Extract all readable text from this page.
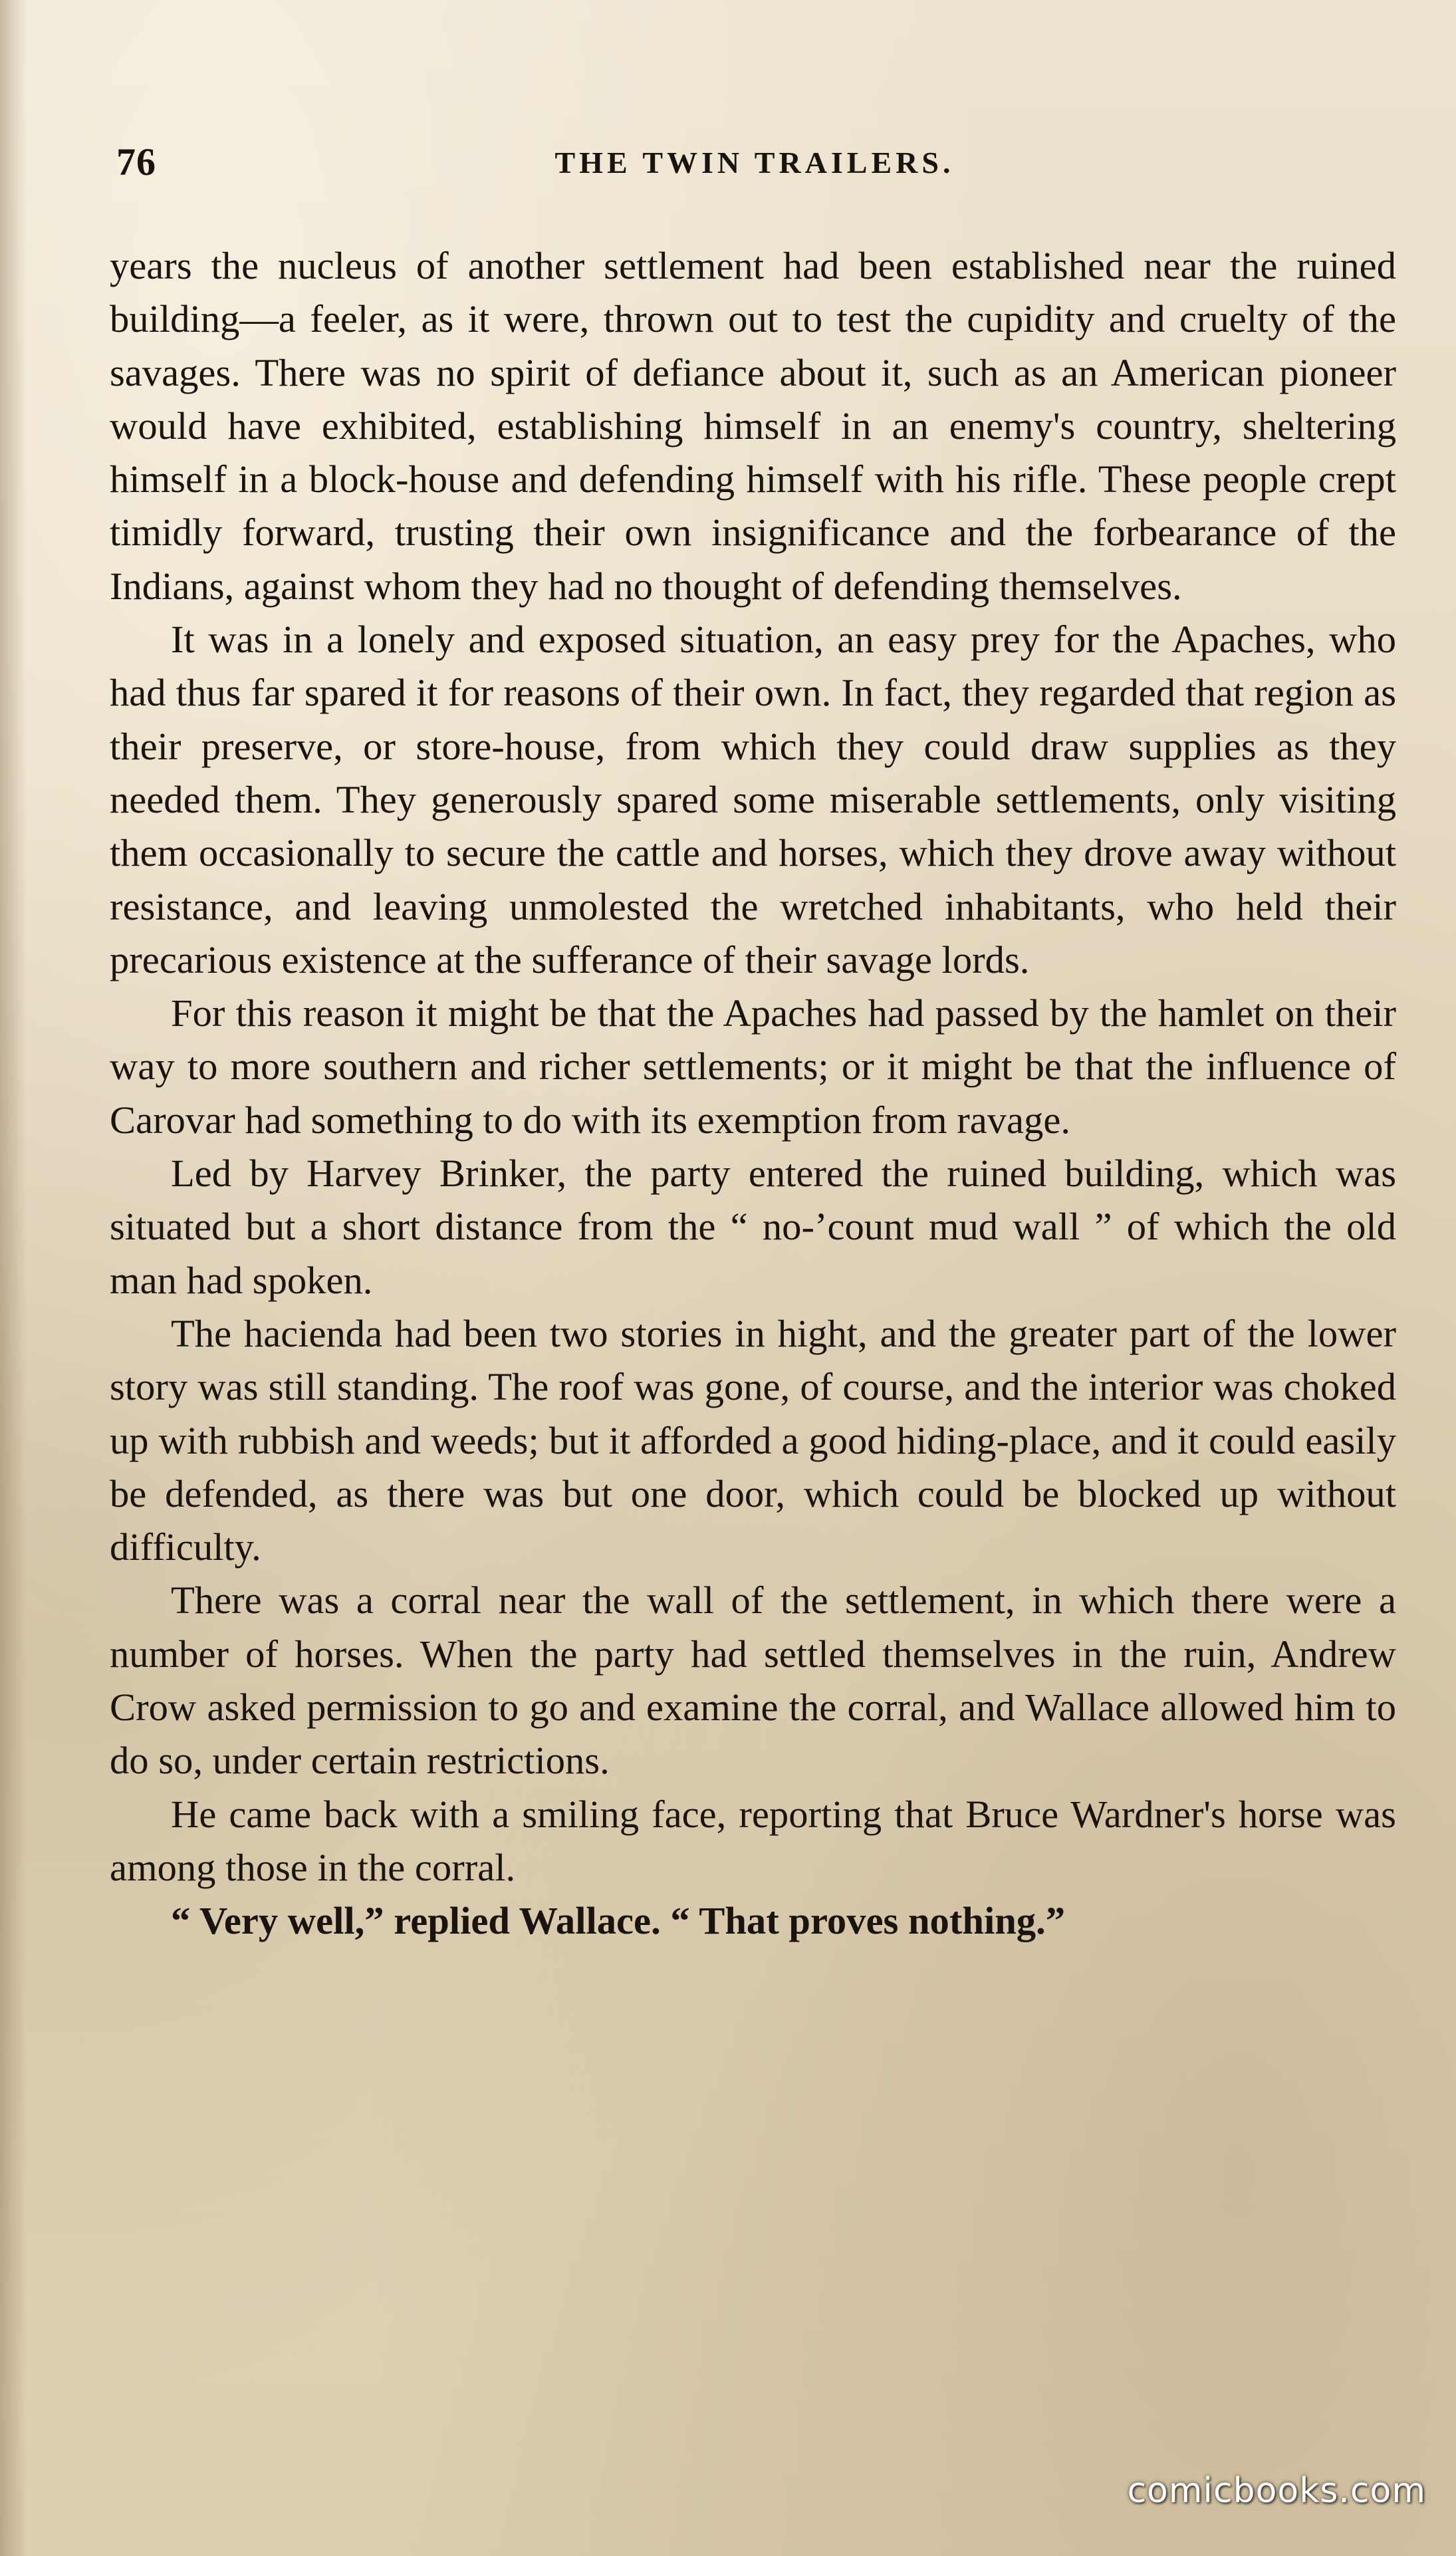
76	THE TWIN TRAILERS.

years the nucleus of another settlement had been established near the ruined building—a feeler, as it were, thrown out to test the cupidity and cruelty of the savages. There was no spirit of defiance about it, such as an American pioneer would have exhibited, establishing himself in an enemy's country, sheltering himself in a block-house and defending himself with his rifle. These people crept timidly forward, trusting their own insignificance and the forbearance of the Indians, against whom they had no thought of defending themselves.

It was in a lonely and exposed situation, an easy prey for the Apaches, who had thus far spared it for reasons of their own. In fact, they regarded that region as their preserve, or store-house, from which they could draw supplies as they needed them. They generously spared some miserable settlements, only visiting them occasionally to secure the cattle and horses, which they drove away without resistance, and leaving unmolested the wretched inhabitants, who held their precarious existence at the sufferance of their savage lords.

For this reason it might be that the Apaches had passed by the hamlet on their way to more southern and richer settlements; or it might be that the influence of Carovar had something to do with its exemption from ravage.

Led by Harvey Brinker, the party entered the ruined building, which was situated but a short distance from the “ no-’count mud wall ” of which the old man had spoken.

The hacienda had been two stories in hight, and the greater part of the lower story was still standing. The roof was gone, of course, and the interior was choked up with rubbish and weeds; but it afforded a good hiding-place, and it could easily be defended, as there was but one door, which could be blocked up without difficulty.

There was a corral near the wall of the settlement, in which there were a number of horses. When the party had settled themselves in the ruin, Andrew Crow asked permission to go and examine the corral, and Wallace allowed him to do so, under certain restrictions.

He came back with a smiling face, reporting that Bruce Wardner's horse was among those in the corral.

“ Very well,” replied Wallace. “ That proves nothing.”

comicbooks.com
